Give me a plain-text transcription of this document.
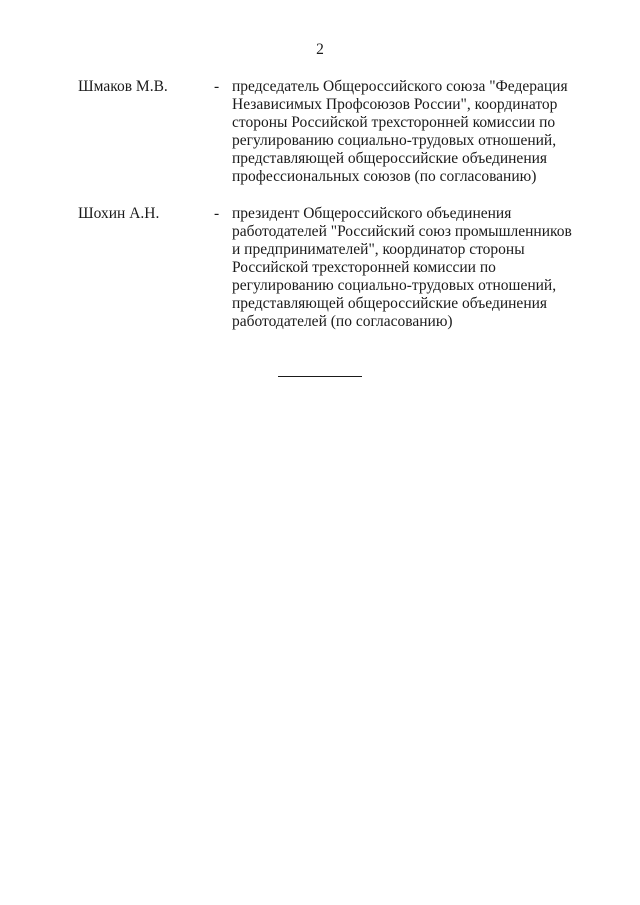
2
Шмаков М.В.	- председатель Общероссийского союза "Федерация
Независимых Профсоюзов России", координатор
стороны Российской трехсторонней комиссии по
регулированию социально-трудовых отношений,
представляющей общероссийские объединения
профессиональных союзов (по согласованию)
Шохин А.Н.	- президент Общероссийского объединения
работодателей "Российский союз промышленников
и предпринимателей", координатор стороны
Российской трехсторонней комиссии по
регулированию социально-трудовых отношений,
представляющей общероссийские объединения
работодателей (по согласованию)
